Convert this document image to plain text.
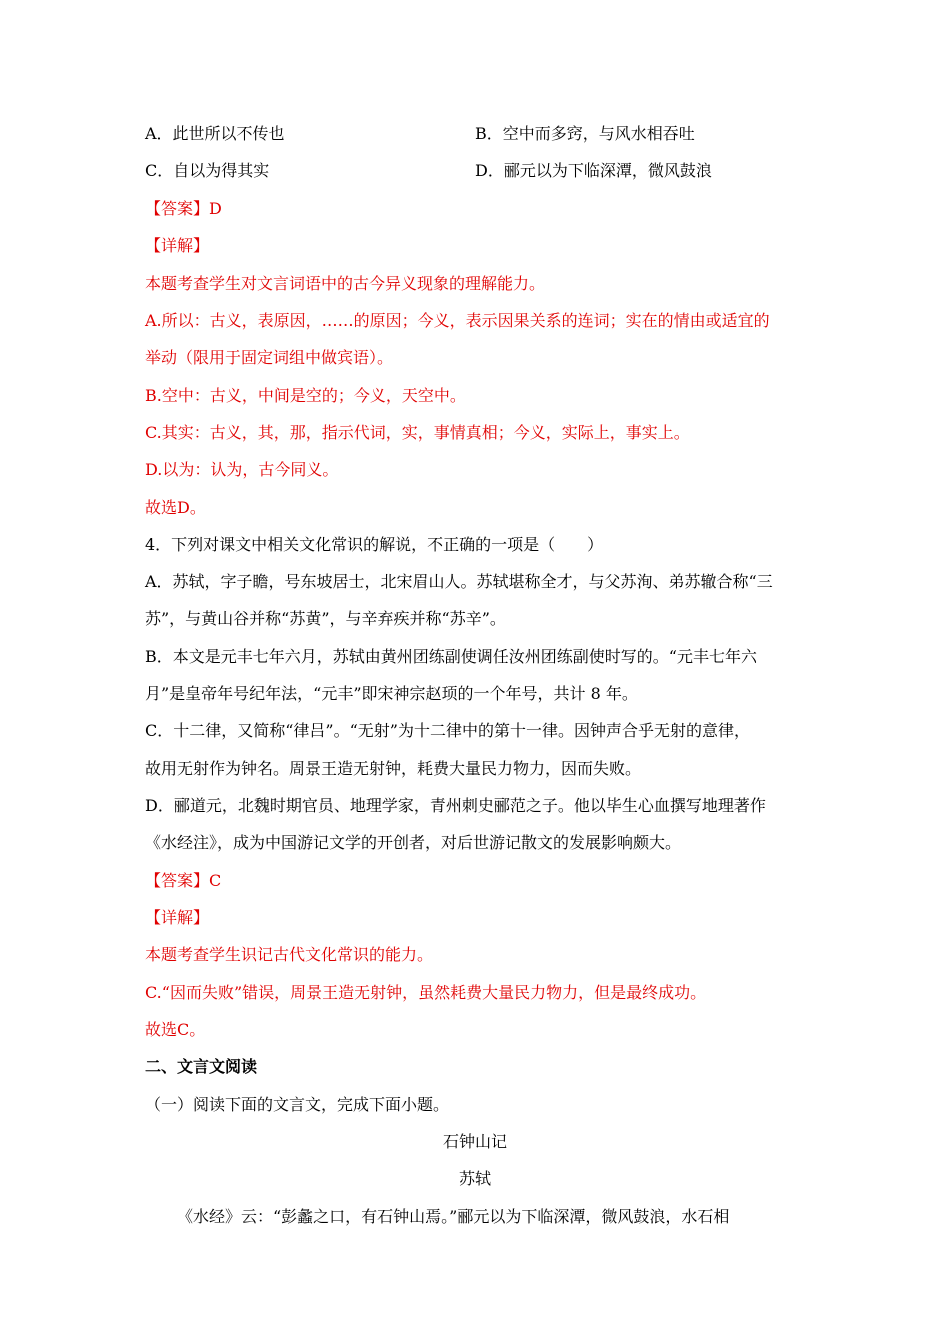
A．此世所以不传也	B．空中而多窍，与风水相吞吐
C．自以为得其实	D．郦元以为下临深潭，微风鼓浪
【答案】D
【详解】
本题考查学生对文言词语中的古今异义现象的理解能力。
A.所以：古义，表原因，……的原因；今义，表示因果关系的连词；实在的情由或适宜的
举动（限用于固定词组中做宾语）。
B.空中：古义，中间是空的；今义，天空中。
C.其实：古义，其，那，指示代词，实，事情真相；今义，实际上，事实上。
D.以为：认为，古今同义。
故选D。
4．下列对课文中相关文化常识的解说，不正确的一项是（　　）
A．苏轼，字子瞻，号东坡居士，北宋眉山人。苏轼堪称全才，与父苏洵、弟苏辙合称“三
苏”，与黄山谷并称“苏黄”，与辛弃疾并称“苏辛”。
B．本文是元丰七年六月，苏轼由黄州团练副使调任汝州团练副使时写的。“元丰七年六
月”是皇帝年号纪年法，“元丰”即宋神宗赵顼的一个年号，共计 8 年。
C．十二律，又简称“律吕”。“无射”为十二律中的第十一律。因钟声合乎无射的意律，
故用无射作为钟名。周景王造无射钟，耗费大量民力物力，因而失败。
D．郦道元，北魏时期官员、地理学家，青州刺史郦范之子。他以毕生心血撰写地理著作
《水经注》，成为中国游记文学的开创者，对后世游记散文的发展影响颇大。
【答案】C
【详解】
本题考查学生识记古代文化常识的能力。
C.“因而失败”错误，周景王造无射钟，虽然耗费大量民力物力，但是最终成功。
故选C。
二、文言文阅读
（一）阅读下面的文言文，完成下面小题。
石钟山记
苏轼
《水经》云：“彭蠡之口，有石钟山焉。”郦元以为下临深潭，微风鼓浪，水石相
